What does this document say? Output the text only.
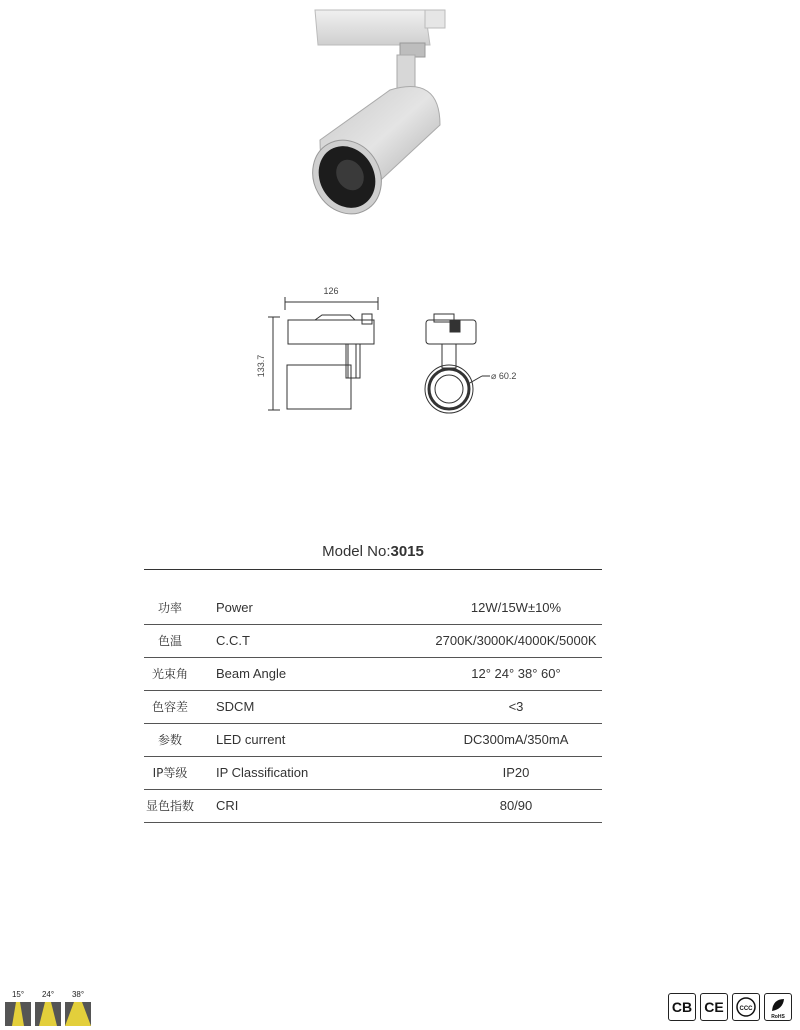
126
133.7	⌀ 60.2
Model No:3015
功率	Power	12W/15W±10%
色温	C.C.T	2700K/3000K/4000K/5000K
光束角	Beam Angle	12° 24° 38° 60°
色容差	SDCM	<3
参数	LED current	DC300mA/350mA
IP等级	IP Classification	IP20
显色指数 CRI	80/90
15°	24°	38°
CB CE	CCC
RoHS
